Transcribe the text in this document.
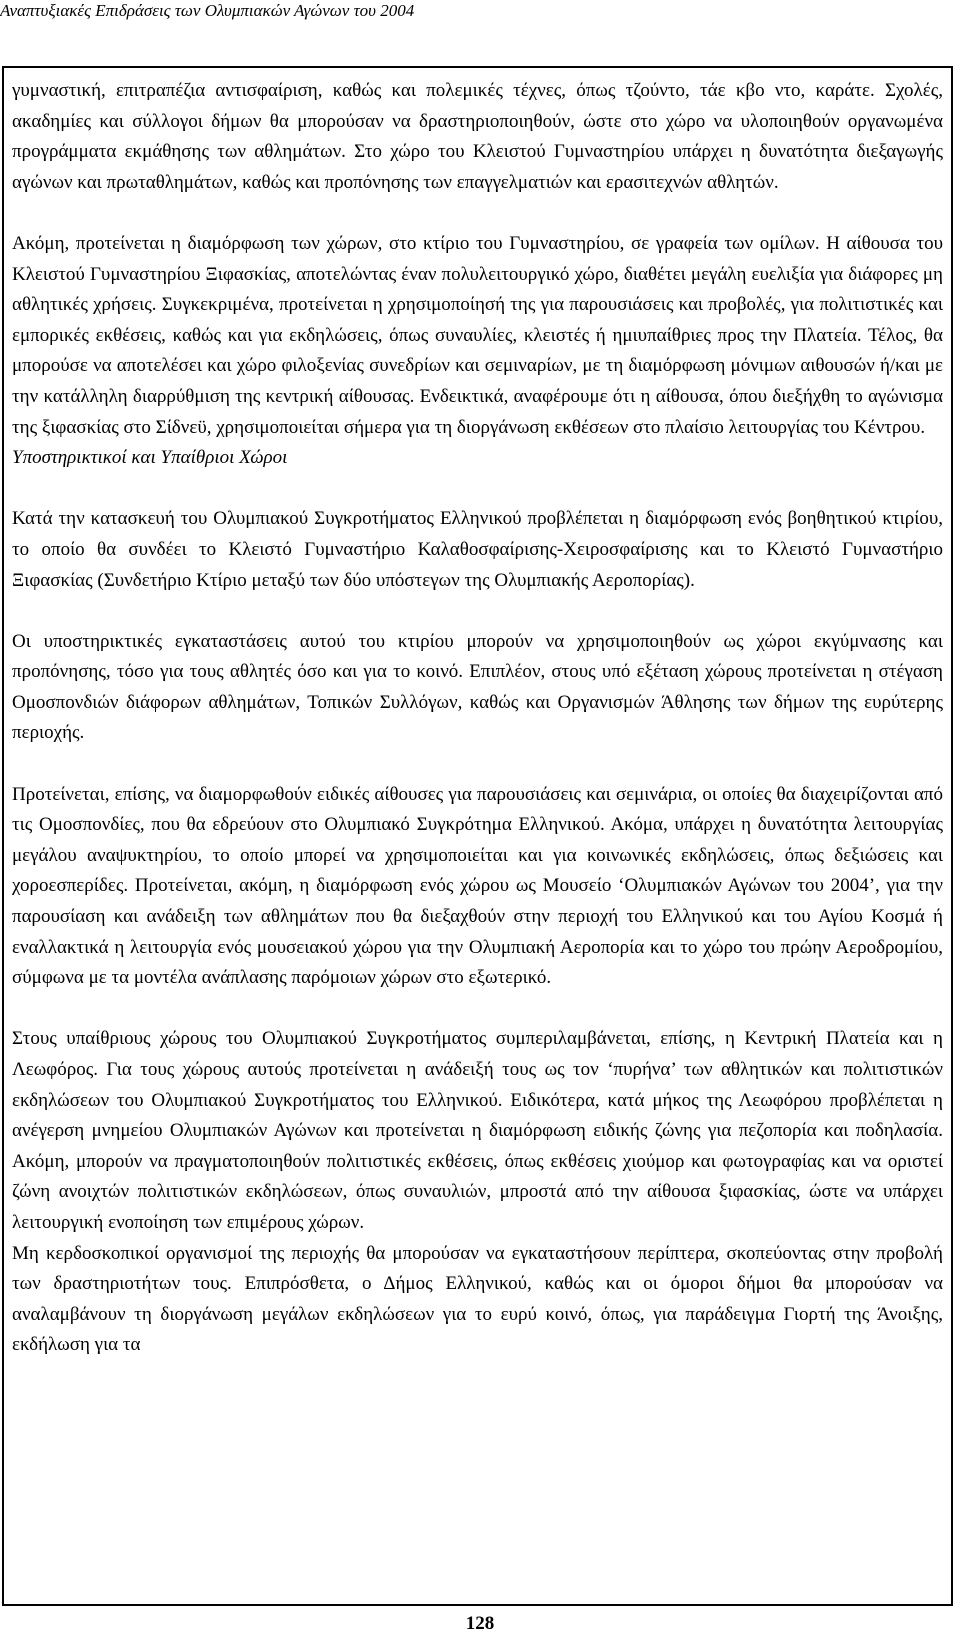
Αναπτυξιακές Επιδράσεις των Ολυμπιακών Αγώνων του 2004

γυμναστική, επιτραπέζια αντισφαίριση, καθώς και πολεμικές τέχνες, όπως τζούντο, τάε κβο ντο, καράτε. Σχολές, ακαδημίες και σύλλογοι δήμων θα μπορούσαν να δραστηριοποιηθούν, ώστε στο χώρο να υλοποιηθούν οργανωμένα προγράμματα εκμάθησης των αθλημάτων. Στο χώρο του Κλειστού Γυμναστηρίου υπάρχει η δυνατότητα διεξαγωγής αγώνων και πρωταθλημάτων, καθώς και προπόνησης των επαγγελματιών και ερασιτεχνών αθλητών.

Ακόμη, προτείνεται η διαμόρφωση των χώρων, στο κτίριο του Γυμναστηρίου, σε γραφεία των ομίλων. Η αίθουσα του Κλειστού Γυμναστηρίου Ξιφασκίας, αποτελώντας έναν πολυλειτουργικό χώρο, διαθέτει μεγάλη ευελιξία για διάφορες μη αθλητικές χρήσεις. Συγκεκριμένα, προτείνεται η χρησιμοποίησή της για παρουσιάσεις και προβολές, για πολιτιστικές και εμπορικές εκθέσεις, καθώς και για εκδηλώσεις, όπως συναυλίες, κλειστές ή ημιυπαίθριες προς την Πλατεία. Τέλος, θα μπορούσε να αποτελέσει και χώρο φιλοξενίας συνεδρίων και σεμιναρίων, με τη διαμόρφωση μόνιμων αιθουσών ή/και με την κατάλληλη διαρρύθμιση της κεντρική αίθουσας. Ενδεικτικά, αναφέρουμε ότι η αίθουσα, όπου διεξήχθη το αγώνισμα της ξιφασκίας στο Σίδνεϋ, χρησιμοποιείται σήμερα για τη διοργάνωση εκθέσεων στο πλαίσιο λειτουργίας του Κέντρου.

Υποστηρικτικοί και Υπαίθριοι Χώροι

Κατά την κατασκευή του Ολυμπιακού Συγκροτήματος Ελληνικού προβλέπεται η διαμόρφωση ενός βοηθητικού κτιρίου, το οποίο θα συνδέει το Κλειστό Γυμναστήριο Καλαθοσφαίρισης-Χειροσφαίρισης και το Κλειστό Γυμναστήριο Ξιφασκίας (Συνδετήριο Κτίριο μεταξύ των δύο υπόστεγων της Ολυμπιακής Αεροπορίας).

Οι υποστηρικτικές εγκαταστάσεις αυτού του κτιρίου μπορούν να χρησιμοποιηθούν ως χώροι εκγύμνασης και προπόνησης, τόσο για τους αθλητές όσο και για το κοινό. Επιπλέον, στους υπό εξέταση χώρους προτείνεται η στέγαση Ομοσπονδιών διάφορων αθλημάτων, Τοπικών Συλλόγων, καθώς και Οργανισμών Άθλησης των δήμων της ευρύτερης περιοχής.

Προτείνεται, επίσης, να διαμορφωθούν ειδικές αίθουσες για παρουσιάσεις και σεμινάρια, οι οποίες θα διαχειρίζονται από τις Ομοσπονδίες, που θα εδρεύουν στο Ολυμπιακό Συγκρότημα Ελληνικού. Ακόμα, υπάρχει η δυνατότητα λειτουργίας μεγάλου αναψυκτηρίου, το οποίο μπορεί να χρησιμοποιείται και για κοινωνικές εκδηλώσεις, όπως δεξιώσεις και χοροεσπερίδες. Προτείνεται, ακόμη, η διαμόρφωση ενός χώρου ως Μουσείο ‘Ολυμπιακών Αγώνων του 2004’, για την παρουσίαση και ανάδειξη των αθλημάτων που θα διεξαχθούν στην περιοχή του Ελληνικού και του Αγίου Κοσμά ή εναλλακτικά η λειτουργία ενός μουσειακού χώρου για την Ολυμπιακή Αεροπορία και το χώρο του πρώην Αεροδρομίου, σύμφωνα με τα μοντέλα ανάπλασης παρόμοιων χώρων στο εξωτερικό.

Στους υπαίθριους χώρους του Ολυμπιακού Συγκροτήματος συμπεριλαμβάνεται, επίσης, η Κεντρική Πλατεία και η Λεωφόρος. Για τους χώρους αυτούς προτείνεται η ανάδειξή τους ως τον ‘πυρήνα’ των αθλητικών και πολιτιστικών εκδηλώσεων του Ολυμπιακού Συγκροτήματος του Ελληνικού. Ειδικότερα, κατά μήκος της Λεωφόρου προβλέπεται η ανέγερση μνημείου Ολυμπιακών Αγώνων και προτείνεται η διαμόρφωση ειδικής ζώνης για πεζοπορία και ποδηλασία. Ακόμη, μπορούν να πραγματοποιηθούν πολιτιστικές εκθέσεις, όπως εκθέσεις χιούμορ και φωτογραφίας και να οριστεί ζώνη ανοιχτών πολιτιστικών εκδηλώσεων, όπως συναυλιών, μπροστά από την αίθουσα ξιφασκίας, ώστε να υπάρχει λειτουργική ενοποίηση των επιμέρους χώρων.

Μη κερδοσκοπικοί οργανισμοί της περιοχής θα μπορούσαν να εγκαταστήσουν περίπτερα, σκοπεύοντας στην προβολή των δραστηριοτήτων τους. Επιπρόσθετα, ο Δήμος Ελληνικού, καθώς και οι όμοροι δήμοι θα μπορούσαν να αναλαμβάνουν τη διοργάνωση μεγάλων εκδηλώσεων για το ευρύ κοινό, όπως, για παράδειγμα Γιορτή της Άνοιξης, εκδήλωση για τα

128
